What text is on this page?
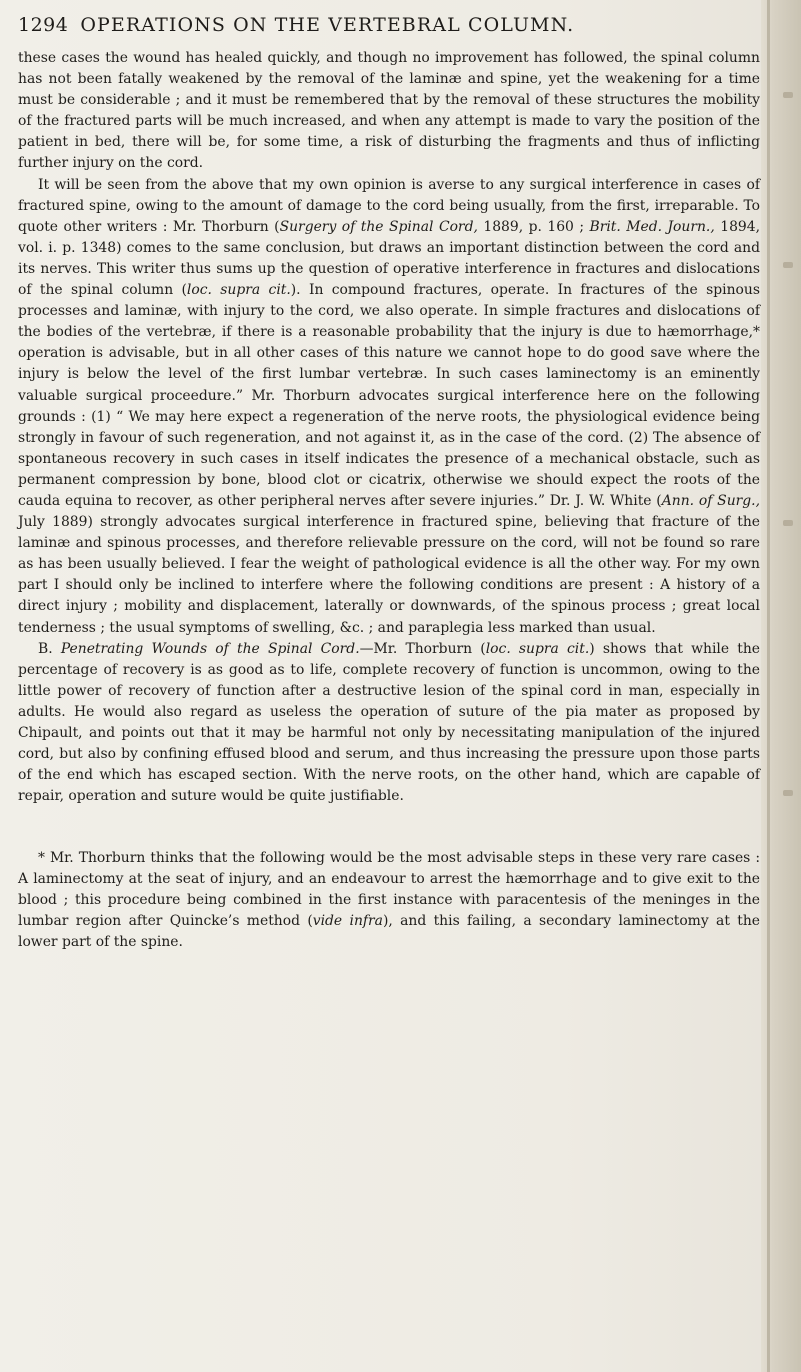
1294 OPERATIONS ON THE VERTEBRAL COLUMN.

these cases the wound has healed quickly, and though no improvement has followed, the spinal column has not been fatally weakened by the removal of the laminæ and spine, yet the weakening for a time must be considerable ; and it must be remembered that by the removal of these structures the mobility of the fractured parts will be much increased, and when any attempt is made to vary the position of the patient in bed, there will be, for some time, a risk of disturbing the fragments and thus of inflicting further injury on the cord.

It will be seen from the above that my own opinion is averse to any surgical interference in cases of fractured spine, owing to the amount of damage to the cord being usually, from the first, irreparable. To quote other writers : Mr. Thorburn (Surgery of the Spinal Cord, 1889, p. 160 ; Brit. Med. Journ., 1894, vol. i. p. 1348) comes to the same conclusion, but draws an important distinction between the cord and its nerves. This writer thus sums up the question of operative interference in fractures and dislocations of the spinal column (loc. supra cit.). In compound fractures, operate. In fractures of the spinous processes and laminæ, with injury to the cord, we also operate. In simple fractures and dislocations of the bodies of the vertebræ, if there is a reasonable probability that the injury is due to hæmorrhage,* operation is advisable, but in all other cases of this nature we cannot hope to do good save where the injury is below the level of the first lumbar vertebræ. In such cases laminectomy is an eminently valuable surgical proceedure.” Mr. Thorburn advocates surgical interference here on the following grounds : (1) “ We may here expect a regeneration of the nerve roots, the physiological evidence being strongly in favour of such regeneration, and not against it, as in the case of the cord. (2) The absence of spontaneous recovery in such cases in itself indicates the presence of a mechanical obstacle, such as permanent compression by bone, blood clot or cicatrix, otherwise we should expect the roots of the cauda equina to recover, as other peripheral nerves after severe injuries.” Dr. J. W. White (Ann. of Surg., July 1889) strongly advocates surgical interference in fractured spine, believing that fracture of the laminæ and spinous processes, and therefore relievable pressure on the cord, will not be found so rare as has been usually believed. I fear the weight of pathological evidence is all the other way. For my own part I should only be inclined to interfere where the following conditions are present : A history of a direct injury ; mobility and displacement, laterally or downwards, of the spinous process ; great local tenderness ; the usual symptoms of swelling, &c. ; and paraplegia less marked than usual.

B. Penetrating Wounds of the Spinal Cord.—Mr. Thorburn (loc. supra cit.) shows that while the percentage of recovery is as good as to life, complete recovery of function is uncommon, owing to the little power of recovery of function after a destructive lesion of the spinal cord in man, especially in adults. He would also regard as useless the operation of suture of the pia mater as proposed by Chipault, and points out that it may be harmful not only by necessitating manipulation of the injured cord, but also by confining effused blood and serum, and thus increasing the pressure upon those parts of the end which has escaped section. With the nerve roots, on the other hand, which are capable of repair, operation and suture would be quite justifiable.

* Mr. Thorburn thinks that the following would be the most advisable steps in these very rare cases : A laminectomy at the seat of injury, and an endeavour to arrest the hæmorrhage and to give exit to the blood ; this procedure being combined in the first instance with paracentesis of the meninges in the lumbar region after Quincke’s method (vide infra), and this failing, a secondary laminectomy at the lower part of the spine.
